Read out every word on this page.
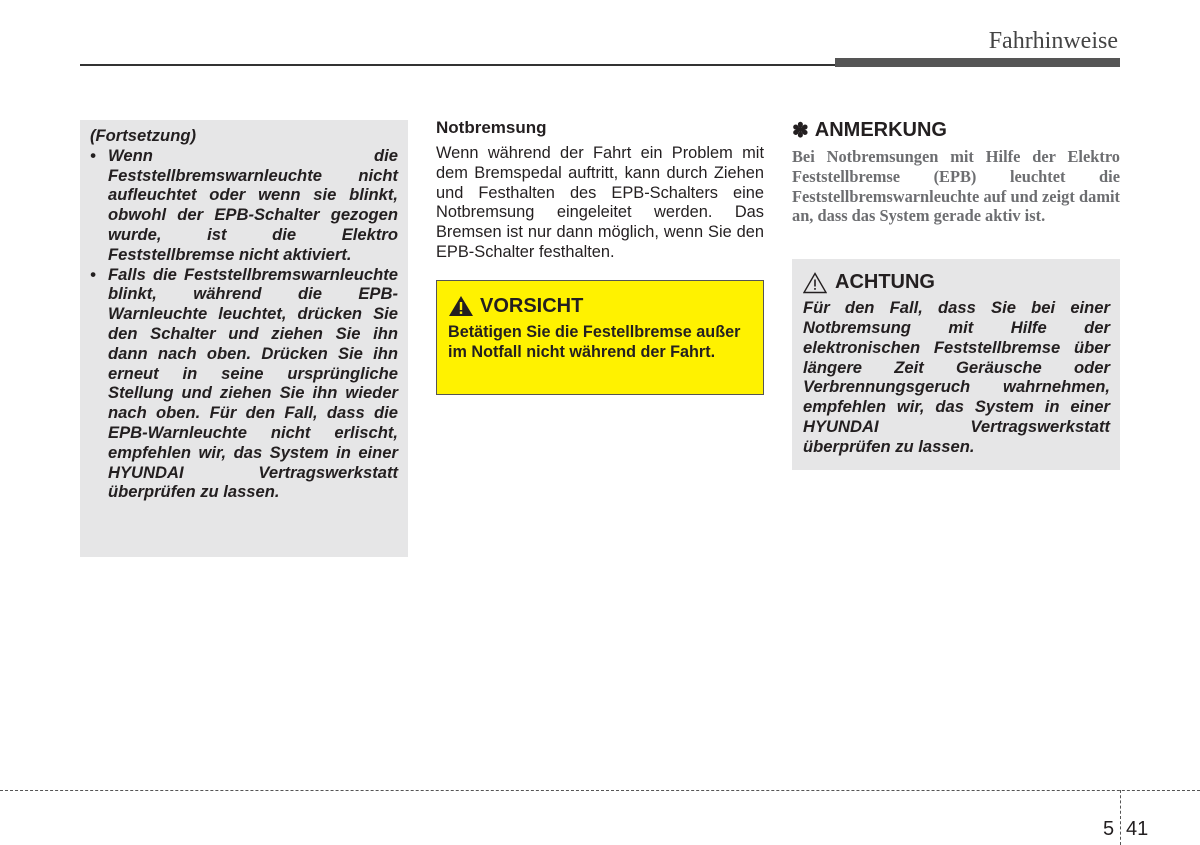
Fahrhinweise

(Fortsetzung)

• Wenn die Feststellbremswarnleuchte nicht aufleuchtet oder wenn sie blinkt, obwohl der EPB-Schalter gezogen wurde, ist die Elektro Feststellbremse nicht aktiviert.
• Falls die Feststellbremswarnleuchte blinkt, während die EPB-Warnleuchte leuchtet, drücken Sie den Schalter und ziehen Sie ihn dann nach oben. Drücken Sie ihn erneut in seine ursprüngliche Stellung und ziehen Sie ihn wieder nach oben. Für den Fall, dass die EPB-Warnleuchte nicht erlischt, empfehlen wir, das System in einer HYUNDAI Vertragswerkstatt überprüfen zu lassen.
Notbremsung

Wenn während der Fahrt ein Problem mit dem Bremspedal auftritt, kann durch Ziehen und Festhalten des EPB-Schalters eine Notbremsung eingeleitet werden. Das Bremsen ist nur dann möglich, wenn Sie den EPB-Schalter festhalten.

VORSICHT

Betätigen Sie die Festellbremse außer im Notfall nicht während der Fahrt.

✽ ANMERKUNG

Bei Notbremsungen mit Hilfe der Elektro Feststellbremse (EPB) leuchtet die Feststellbremswarnleuchte auf und zeigt damit an, dass das System gerade aktiv ist.

ACHTUNG

Für den Fall, dass Sie bei einer Notbremsung mit Hilfe der elektronischen Feststellbremse über längere Zeit Geräusche oder Verbrennungsgeruch wahrnehmen, empfehlen wir, das System in einer HYUNDAI Vertragswerkstatt überprüfen zu lassen.

5 41
